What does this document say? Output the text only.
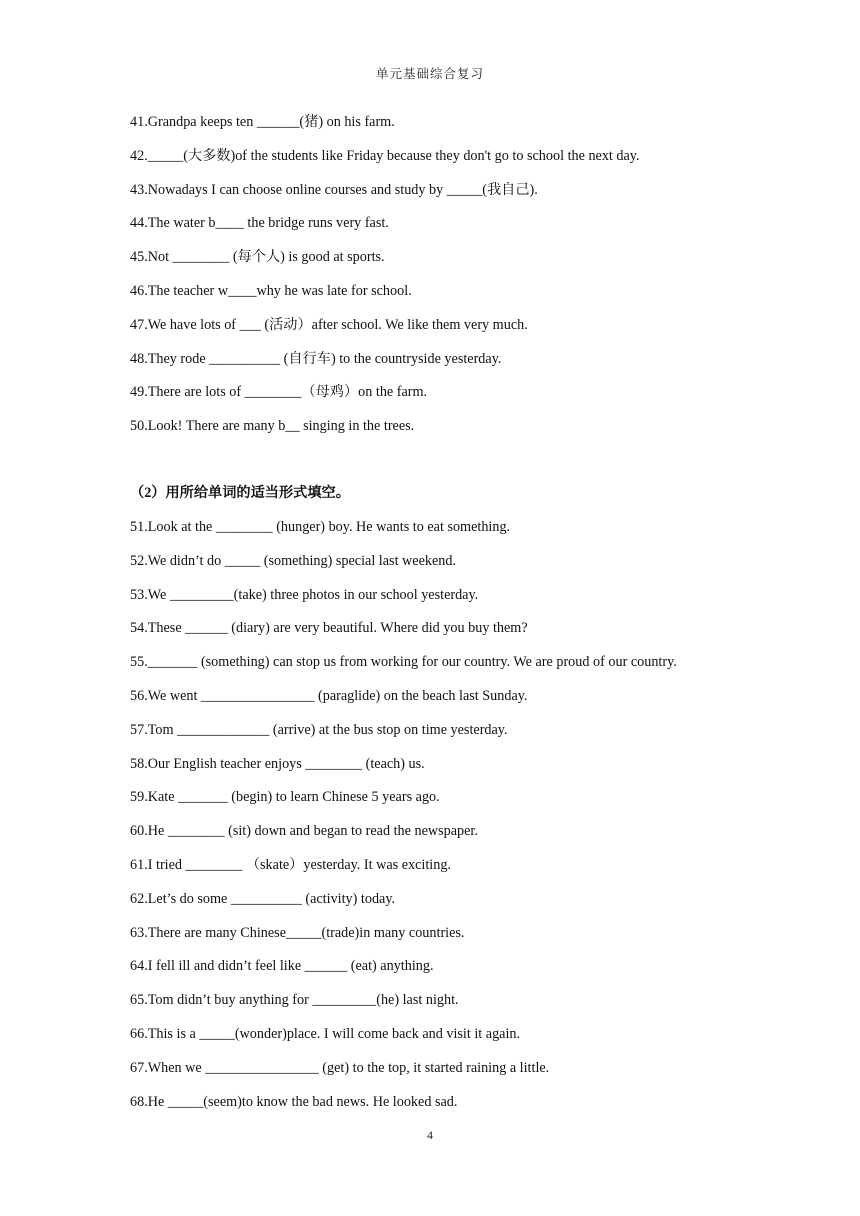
单元基础综合复习
41.Grandpa keeps ten ______(猪) on his farm.
42._____(大多数)of the students like Friday because they don't go to school the next day.
43.Nowadays I can choose online courses and study by _____(我自己).
44.The water b____ the bridge runs very fast.
45.Not ________ (每个人) is good at sports.
46.The teacher w____why he was late for school.
47.We have lots of ___ (活动）after school. We like them very much.
48.They rode __________ (自行车) to the countryside yesterday.
49.There are lots of ________（母鸡）on the farm.
50.Look! There are many b__ singing in the trees.
（2）用所给单词的适当形式填空。
51.Look at the ________ (hunger) boy. He wants to eat something.
52.We didn’t do _____ (something) special last weekend.
53.We _________(take) three photos in our school yesterday.
54.These ______ (diary) are very beautiful. Where did you buy them?
55._______ (something) can stop us from working for our country. We are proud of our country.
56.We went ________________ (paraglide) on the beach last Sunday.
57.Tom _____________ (arrive) at the bus stop on time yesterday.
58.Our English teacher enjoys ________ (teach) us.
59.Kate _______ (begin) to learn Chinese 5 years ago.
60.He ________ (sit) down and began to read the newspaper.
61.I tried ________ （skate）yesterday. It was exciting.
62.Let’s do some __________ (activity) today.
63.There are many Chinese_____(trade)in many countries.
64.I fell ill and didn’t feel like ______ (eat) anything.
65.Tom didn’t buy anything for _________(he) last night.
66.This is a _____(wonder)place. I will come back and visit it again.
67.When we ________________ (get) to the top, it started raining a little.
68.He _____(seem)to know the bad news. He looked sad.
4
